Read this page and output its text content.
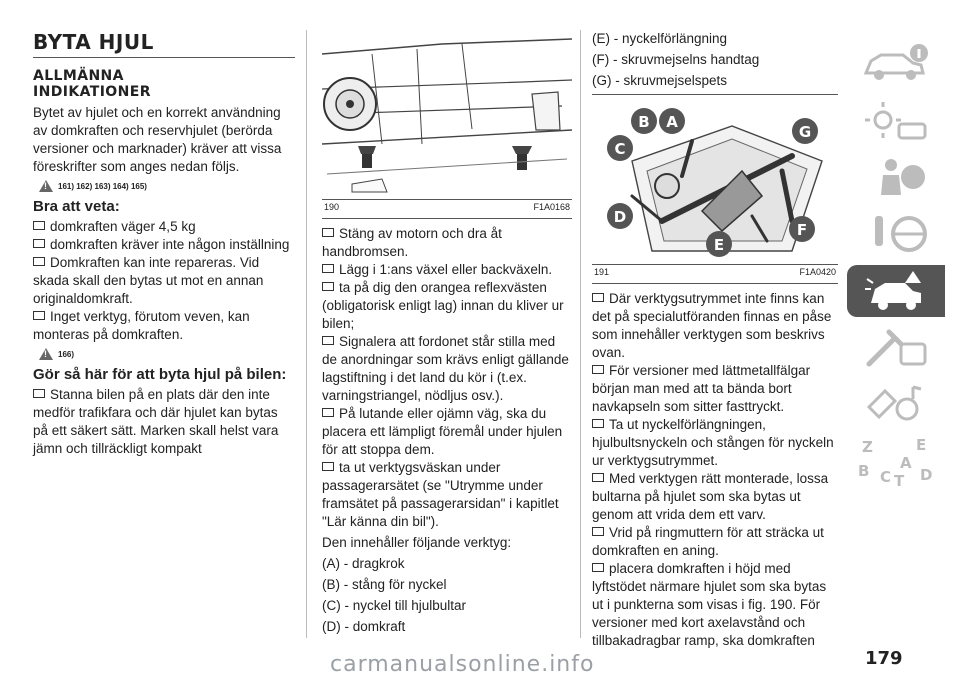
BYTA HJUL
ALLMÄNNA
INDIKATIONER

Bytet av hjulet och en korrekt användning av domkraften och reservhjulet (berörda versioner och marknader) kräver att vissa föreskrifter som anges nedan följs.

!
161) 162) 163) 164) 165)
Bra att veta:

domkraften väger 4,5 kg

domkraften kräver inte någon inställning

Domkraften kan inte repareras. Vid skada skall den bytas ut mot en annan originaldomkraft.

Inget verktyg, förutom veven, kan monteras på domkraften.

!
166)
Gör så här för att byta hjul på bilen:

Stanna bilen på en plats där den inte medför trafikfara och där hjulet kan bytas på ett säkert sätt. Marken skall helst vara jämn och tillräckligt kompakt

190	F1A0168

Stäng av motorn och dra åt handbromsen.

Lägg i 1:ans växel eller backväxeln.

ta på dig den orangea reflexvästen (obligatorisk enligt lag) innan du kliver ur bilen;

Signalera att fordonet står stilla med de anordningar som krävs enligt gällande lagstiftning i det land du kör i (t.ex. varningstriangel, nödljus osv.).

På lutande eller ojämn väg, ska du placera ett lämpligt föremål under hjulen för att stoppa dem.

ta ut verktygsväskan under passagerarsätet (se "Utrymme under framsätet på passagerarsidan" i kapitlet "Lär känna din bil").

Den innehåller följande verktyg:

(A) - dragkrok

(B) - stång för nyckel

(C) - nyckel till hjulbultar

(D) - domkraft

(E) - nyckelförlängning

(F) - skruvmejselns handtag

(G) - skruvmejselspets

A
B
C
D
E
F
G
191	F1A0420

Där verktygsutrymmet inte finns kan det på specialutföranden finnas en påse som innehåller verktygen som beskrivs ovan.

För versioner med lättmetallfälgar början man med att ta bända bort navkapseln som sitter fasttryckt.

Ta ut nyckelförlängningen, hjulbultsnyckeln och stången för nyckeln ur verktygsutrymmet.

Med verktygen rätt monterade, lossa bultarna på hjulet som ska bytas ut genom att vrida dem ett varv.

Vrid på ringmuttern för att sträcka ut domkraften en aning.

placera domkraften i höjd med lyftstödet närmare hjulet som ska bytas ut i punkterna som visas i fig. 190. För versioner med kort axelavstånd och tillbakadragbar ramp, ska domkraften

Z	E
B A
C T D
179
carmanualsonline.info
